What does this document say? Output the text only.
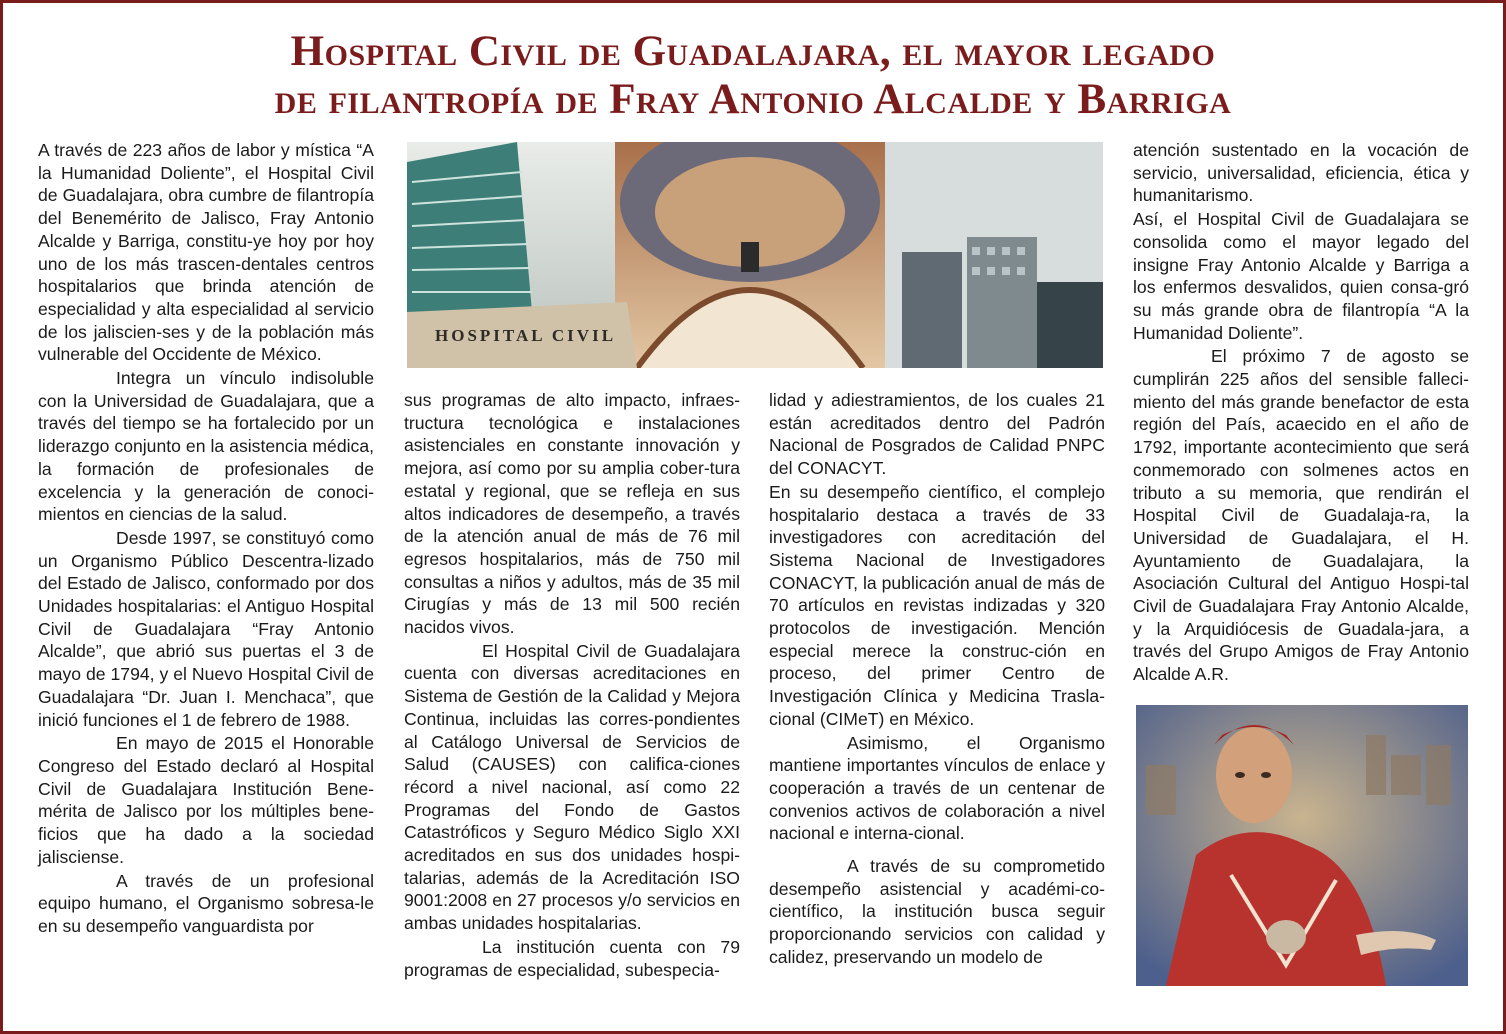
Hospital Civil de Guadalajara, el mayor legado
de filantropía de Fray Antonio Alcalde y Barriga

A través de 223 años de labor y mística “A la Humanidad Doliente”, el Hospital Civil de Guadalajara, obra cumbre de filantropía del Benemérito de Jalisco, Fray Antonio Alcalde y Barriga, constitu-ye hoy por hoy uno de los más trascen-dentales centros hospitalarios que brinda atención de especialidad y alta especialidad al servicio de los jaliscien-ses y de la población más vulnerable del Occidente de México.

Integra un vínculo indisoluble con la Universidad de Guadalajara, que a través del tiempo se ha fortalecido por un liderazgo conjunto en la asistencia médica, la formación de profesionales de excelencia y la generación de conoci-mientos en ciencias de la salud.

Desde 1997, se constituyó como un Organismo Público Descentra-lizado del Estado de Jalisco, conformado por dos Unidades hospitalarias: el Antiguo Hospital Civil de Guadalajara “Fray Antonio Alcalde”, que abrió sus puertas el 3 de mayo de 1794, y el Nuevo Hospital Civil de Guadalajara “Dr. Juan I. Menchaca”, que inició funciones el 1 de febrero de 1988.

En mayo de 2015 el Honorable Congreso del Estado declaró al Hospital Civil de Guadalajara Institución Bene-mérita de Jalisco por los múltiples bene-ficios que ha dado a la sociedad jalisciense.

A través de un profesional equipo humano, el Organismo sobresa-le en su desempeño vanguardista por

HOSPITAL CIVIL

sus programas de alto impacto, infraes-tructura tecnológica e instalaciones asistenciales en constante innovación y mejora, así como por su amplia cober-tura estatal y regional, que se refleja en sus altos indicadores de desempeño, a través de la atención anual de más de 76 mil egresos hospitalarios, más de 750 mil consultas a niños y adultos, más de 35 mil Cirugías y más de 13 mil 500 recién nacidos vivos.

El Hospital Civil de Guadalajara cuenta con diversas acreditaciones en Sistema de Gestión de la Calidad y Mejora Continua, incluidas las corres-pondientes al Catálogo Universal de Servicios de Salud (CAUSES) con califica-ciones récord a nivel nacional, así como 22 Programas del Fondo de Gastos Catastróficos y Seguro Médico Siglo XXI acreditados en sus dos unidades hospi-talarias, además de la Acreditación ISO 9001:2008 en 27 procesos y/o servicios en ambas unidades hospitalarias.

La institución cuenta con 79 programas de especialidad, subespecia-

lidad y adiestramientos, de los cuales 21 están acreditados dentro del Padrón Nacional de Posgrados de Calidad PNPC del CONACYT.

En su desempeño científico, el complejo hospitalario destaca a través de 33 investigadores con acreditación del Sistema Nacional de Investigadores CONACYT, la publicación anual de más de 70 artículos en revistas indizadas y 320 protocolos de investigación. Mención especial merece la construc-ción en proceso, del primer Centro de Investigación Clínica y Medicina Trasla-cional (CIMeT) en México.

Asimismo, el Organismo mantiene importantes vínculos de enlace y cooperación a través de un centenar de convenios activos de colaboración a nivel nacional e interna-cional.

A través de su comprometido desempeño asistencial y académi-co-científico, la institución busca seguir proporcionando servicios con calidad y calidez, preservando un modelo de

atención sustentado en la vocación de servicio, universalidad, eficiencia, ética y humanitarismo.

Así, el Hospital Civil de Guadalajara se consolida como el mayor legado del insigne Fray Antonio Alcalde y Barriga a los enfermos desvalidos, quien consa-gró su más grande obra de filantropía “A la Humanidad Doliente”.

El próximo 7 de agosto se cumplirán 225 años del sensible falleci-miento del más grande benefactor de esta región del País, acaecido en el año de 1792, importante acontecimiento que será conmemorado con solmenes actos en tributo a su memoria, que rendirán el Hospital Civil de Guadalaja-ra, la Universidad de Guadalajara, el H. Ayuntamiento de Guadalajara, la Asociación Cultural del Antiguo Hospi-tal Civil de Guadalajara Fray Antonio Alcalde, y la Arquidiócesis de Guadala-jara, a través del Grupo Amigos de Fray Antonio Alcalde A.R.
